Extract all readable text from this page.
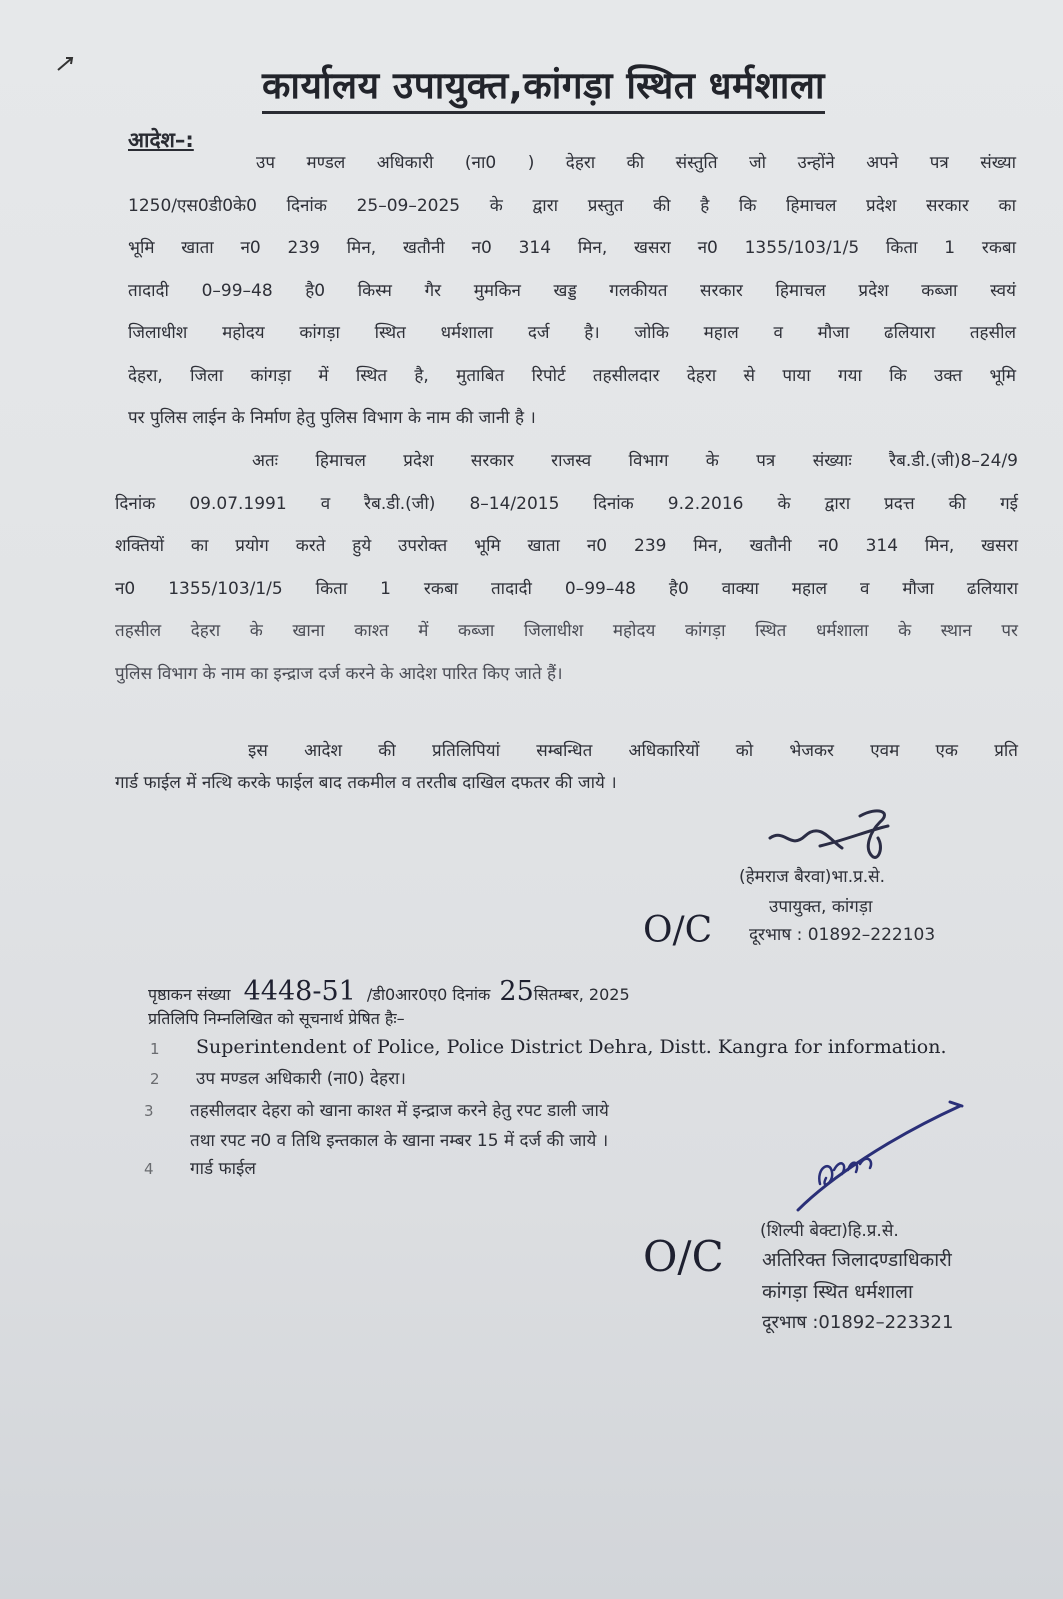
कार्यालय उपायुक्त,कांगड़ा स्थित धर्मशाला
आदेश–:
उप मण्डल अधिकारी (ना0 ) देहरा की संस्तुति जो उन्होंने अपने पत्र संख्या
1250/एस0डी0के0 दिनांक 25–09–2025 के द्वारा प्रस्तुत की है कि हिमाचल प्रदेश सरकार का
भूमि खाता न0 239 मिन, खतौनी न0 314 मिन, खसरा न0 1355/103/1/5 किता 1 रकबा
तादादी 0–99–48 है0 किस्म गैर मुमकिन खड्ड गलकीयत सरकार हिमाचल प्रदेश कब्जा स्वयं
जिलाधीश महोदय कांगड़ा स्थित धर्मशाला दर्ज है। जोकि महाल व मौजा ढलियारा तहसील
देहरा, जिला कांगड़ा में स्थित है, मुताबित रिपोर्ट तहसीलदार देहरा से पाया गया कि उक्त भूमि
पर पुलिस लाईन के निर्माण हेतु पुलिस विभाग के नाम की जानी है ।
अतः हिमाचल प्रदेश सरकार राजस्व विभाग के पत्र संख्याः रैब.डी.(जी)8–24/9
दिनांक 09.07.1991 व रैब.डी.(जी) 8–14/2015 दिनांक 9.2.2016 के द्वारा प्रदत्त की गई
शक्तियों का प्रयोग करते हुये उपरोक्त भूमि खाता न0 239 मिन, खतौनी न0 314 मिन, खसरा
न0 1355/103/1/5 किता 1 रकबा तादादी 0–99–48 है0 वाक्या महाल व मौजा ढलियारा
तहसील देहरा के खाना काश्त में कब्जा जिलाधीश महोदय कांगड़ा स्थित धर्मशाला के स्थान पर
पुलिस विभाग के नाम का इन्द्राज दर्ज करने के आदेश पारित किए जाते हैं।
इस आदेश की प्रतिलिपियां सम्बन्धित अधिकारियों को भेजकर एवम एक प्रति
गार्ड फाईल में नत्थि करके फाईल बाद तकमील व तरतीब दाखिल दफतर की जाये ।
(हेमराज बैरवा)भा.प्र.से.
उपायुक्त, कांगड़ा
दूरभाष : 01892–222103
O/C
पृष्ठाकन संख्या 4448-51 /डी0आर0ए0 दिनांक 25सितम्बर, 2025
प्रतिलिपि निम्नलिखित को सूचनार्थ प्रेषित हैः–
1 Superintendent of Police, Police District Dehra, Distt. Kangra for information.
2 उप मण्डल अधिकारी (ना0) देहरा।
3 तहसीलदार देहरा को खाना काश्त में इन्द्राज करने हेतु रपट डाली जाये
तथा रपट न0 व तिथि इन्तकाल के खाना नम्बर 15 में दर्ज की जाये ।
4 गार्ड फाईल
(शिल्पी बेक्टा)हि.प्र.से.
अतिरिक्त जिलादण्डाधिकारी
कांगड़ा स्थित धर्मशाला
दूरभाष :01892–223321
O/C
